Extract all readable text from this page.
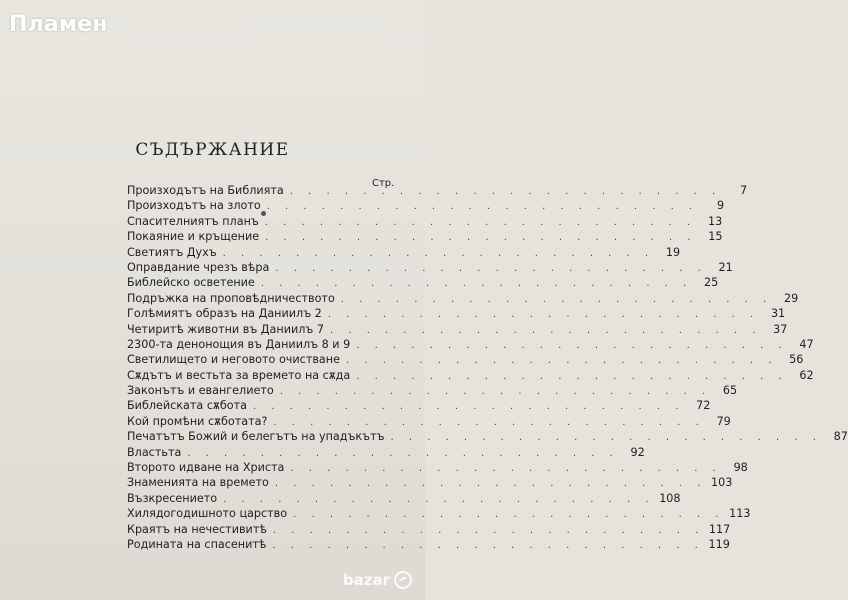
Пламен
СЪДЪРЖАНИЕ
Стр.
Произходътъ на Библията . . . . . . . . . . . . . . . . . . . . . . . .	7
Произходътъ на злото . . . . . . . . . . . . . . . . . . . . . . . .	9
Спасителниятъ планъ . . . . . . . . . . . . . . . . . . . . . . . .	13
Покаяние и кръщение . . . . . . . . . . . . . . . . . . . . . . . .	15
Светиятъ Духъ . . . . . . . . . . . . . . . . . . . . . . . .	19
Оправдание чрезъ вѣра . . . . . . . . . . . . . . . . . . . . . . . .	21
Библейско осветение . . . . . . . . . . . . . . . . . . . . . . . .	25
Подръжка на проповѣдничеството . . . . . . . . . . . . . . . . . . . . . . . .	29
Голѣмиятъ образъ на Даниилъ 2 . . . . . . . . . . . . . . . . . . . . . . . .	31
Четиритѣ животни въ Даниилъ 7 . . . . . . . . . . . . . . . . . . . . . . . .	37
2300-та денонощия въ Даниилъ 8 и 9 . . . . . . . . . . . . . . . . . . . . . . . .	47
Светилището и неговото очистване . . . . . . . . . . . . . . . . . . . . . . . .	56
Сѫдътъ и вестьта за времето на сѫда . . . . . . . . . . . . . . . . . . . . . . . .	62
Законътъ и евангелието . . . . . . . . . . . . . . . . . . . . . . . .	65
Библейската сѫбота . . . . . . . . . . . . . . . . . . . . . . . .	72
Кой промѣни сѫботата? . . . . . . . . . . . . . . . . . . . . . . . .	79
Печатътъ Божий и белегътъ на упадъкътъ . . . . . . . . . . . . . . . . . . . . . . . .	87
Властьта . . . . . . . . . . . . . . . . . . . . . . . .	92
Второто идване на Христа . . . . . . . . . . . . . . . . . . . . . . . .	98
Знаменията на времето . . . . . . . . . . . . . . . . . . . . . . . . 103
Възкресението . . . . . . . . . . . . . . . . . . . . . . . . 108
Хилядогодишното царство . . . . . . . . . . . . . . . . . . . . . . . . 113
Краятъ на нечестивитѣ . . . . . . . . . . . . . . . . . . . . . . . . 117
Родината на спасенитѣ . . . . . . . . . . . . . . . . . . . . . . . . 119
bazar
